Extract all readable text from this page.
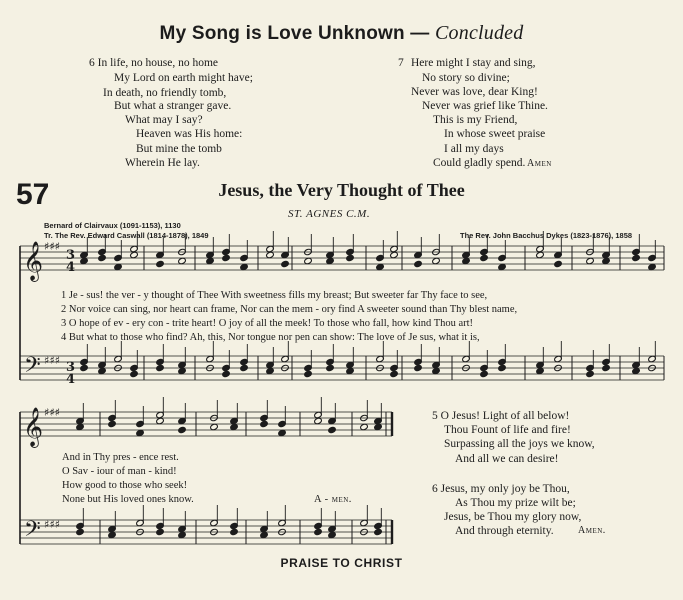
My Song is Love Unknown — Concluded
6 In life, no house, no home
My Lord on earth might have;
In death, no friendly tomb,
But what a stranger gave.
What may I say?
Heaven was His home:
But mine the tomb
Wherein He lay.
7 Here might I stay and sing,
No story so divine;
Never was love, dear King!
Never was grief like Thine.
This is my Friend,
In whose sweet praise
I all my days
Could gladly spend. Amen
57	Jesus, the Very Thought of Thee
ST. AGNES C.M.
Bernard of Clairvaux (1091-1153), 1130
Tr. The Rev. Edward Caswall (1814-1878), 1849	The Rev. John Bacchus Dykes (1823-1876), 1858
𝄞
𝄢
𝄞
𝄢
♯♯♯
♯♯♯
♯♯♯
♯♯♯
3
4
3
4
1 Je - sus! the ver - y thought of Thee With sweetness fills my breast; But sweeter far Thy face to see,
2 Nor voice can sing, nor heart can frame, Nor can the mem - ory find A sweeter sound than Thy blest name,
3 O hope of ev - ery con - trite heart! O joy of all the meek! To those who fall, how kind Thou art!
4 But what to those who find? Ah, this, Nor tongue nor pen can show: The love of Je sus, what it is,
And in Thy pres - ence rest.
O Sav - iour of man - kind!
How good to those who seek!
None but His loved ones know.	A - men.
5 O Jesus! Light of all below!
Thou Fount of life and fire!
Surpassing all the joys we know,
And all we can desire!
6 Jesus, my only joy be Thou,
As Thou my prize wilt be;
Jesus, be Thou my glory now,
And through eternity. Amen.
PRAISE TO CHRIST
